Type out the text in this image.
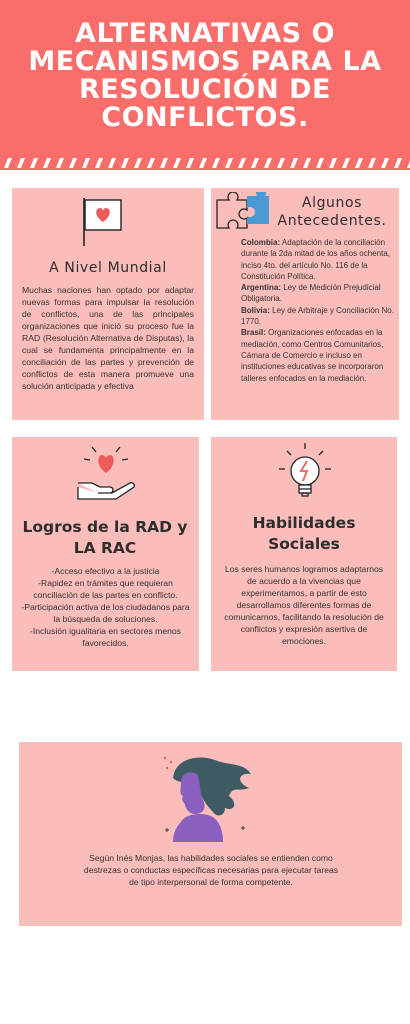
ALTERNATIVAS O
MECANISMOS PARA LA
RESOLUCIÓN DE
CONFLICTOS.
A Nivel Mundial
Muchas naciones han optado por adaptar nuevas formas para impulsar la resolución de conflictos, una de las principales organizaciones que inició su proceso fue la RAD (Resolución Alternativa de Disputas), la cual se fundamenta principalmente en la conciliación de las partes y prevención de conflictos de esta manera promueve una solución anticipada y efectiva
Algunos Antecedentes.

Colombia: Adaptación de la conciliación durante la 2da mitad de los años ochenta, inciso 4to. del artículo No. 116 de la Constitución Política.

Argentina: Ley de Medición Prejudicial Obligatoria.

Bolivia: Ley de Arbitraje y Conciliación No. 1770.

Brasil: Organizaciones enfocadas en la mediación, como Centros Comunitarios, Cámara de Comercio e incluso en instituciones educativas se incorporaron talleres enfocados en la mediación.

Logros de la RAD y LA RAC
-Acceso efectivo a la justicia
-Rapidez en trámites que requieran conciliación de las partes en conflicto.
-Participación activa de los ciudadanos para la búsqueda de soluciones.
-Inclusión igualitaria en sectores menos favorecidos.
Habilidades Sociales
Los seres humanos logramos adaptarnos de acuerdo a la vivencias que experimentamos, a partir de esto desarrollamos diferentes formas de comunicarnos, facilitando la resolución de conflictos y expresión asertiva de emociones.
Según Inés Monjas, las habilidades sociales se entienden como destrezas o conductas específicas necesarias para ejecutar tareas de tipo interpersonal de forma competente.
